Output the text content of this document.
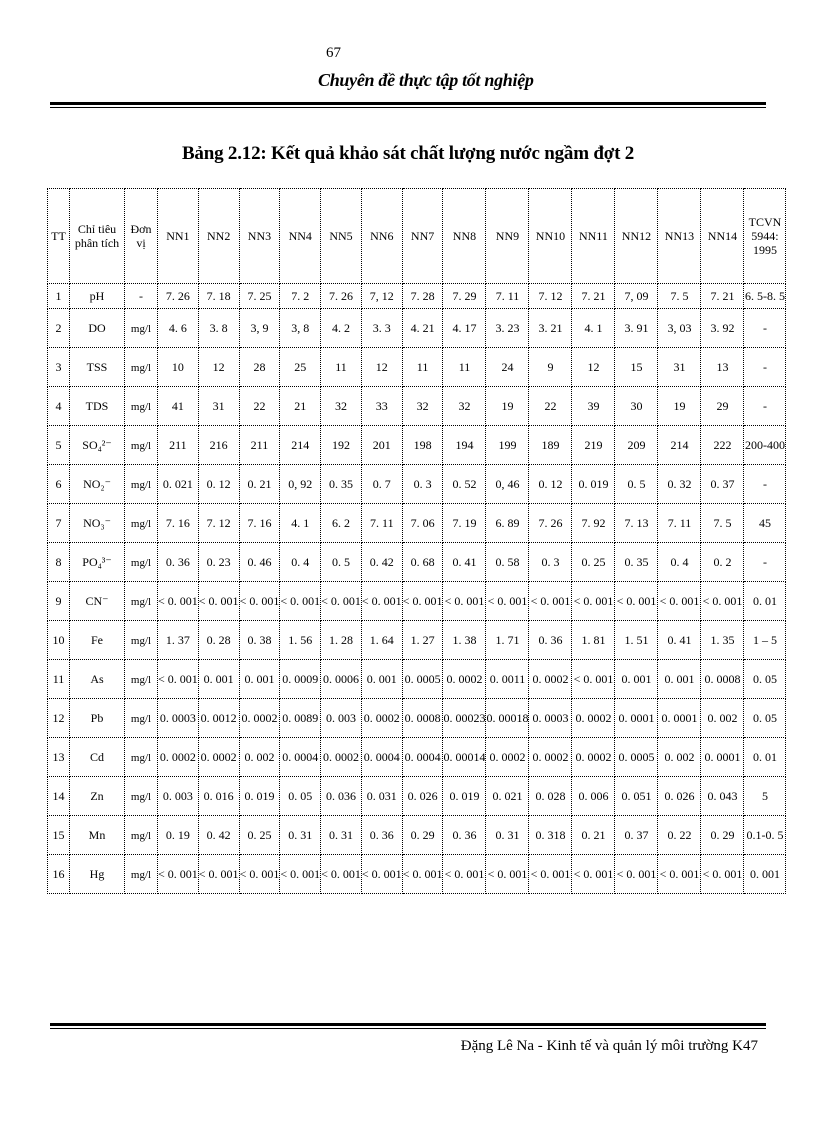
67
Chuyên đề thực tập tốt nghiệp
Bảng 2.12: Kết quả khảo sát chất lượng nước ngầm đợt 2
TT	Chỉ tiêu phân tích	Đơn vị	NN1	NN2	NN3	NN4	NN5	NN6	NN7	NN8	NN9	NN10	NN11	NN12	NN13	NN14	TCVN 5944: 1995
1	pH	-	7. 26	7. 18	7. 25	7. 2	7. 26	7, 12	7. 28	7. 29	7. 11	7. 12	7. 21	7, 09	7. 5	7. 21	6. 5-8. 5
2	DO	mg/l	4. 6	3. 8	3, 9	3, 8	4. 2	3. 3	4. 21	4. 17	3. 23	3. 21	4. 1	3. 91	3, 03	3. 92	-
3	TSS	mg/l	10	12	28	25	11	12	11	11	24	9	12	15	31	13	-
4	TDS	mg/l	41	31	22	21	32	33	32	32	19	22	39	30	19	29	-
5	SO₄²⁻	mg/l	211	216	211	214	192	201	198	194	199	189	219	209	214	222	200-400
6	NO₂⁻	mg/l	0. 021	0. 12	0. 21	0, 92	0. 35	0. 7	0. 3	0. 52	0, 46	0. 12	0. 019	0. 5	0. 32	0. 37	-
7	NO₃⁻	mg/l	7. 16	7. 12	7. 16	4. 1	6. 2	7. 11	7. 06	7. 19	6. 89	7. 26	7. 92	7. 13	7. 11	7. 5	45
8	PO₄³⁻	mg/l	0. 36	0. 23	0. 46	0. 4	0. 5	0. 42	0. 68	0. 41	0. 58	0. 3	0. 25	0. 35	0. 4	0. 2	-
9	CN⁻	mg/l	< 0. 001	< 0. 001	< 0. 001	< 0. 001	< 0. 001	< 0. 001	< 0. 001	< 0. 001	< 0. 001	< 0. 001	< 0. 001	< 0. 001	< 0. 001	< 0. 001	0. 01
10	Fe	mg/l	1. 37	0. 28	0. 38	1. 56	1. 28	1. 64	1. 27	1. 38	1. 71	0. 36	1. 81	1. 51	0. 41	1. 35	1 – 5
11	As	mg/l	< 0. 001	0. 001	0. 001	0. 0009	0. 0006	0. 001	0. 0005	0. 0002	0. 0011	0. 0002	< 0. 001	0. 001	0. 001	0. 0008	0. 05
12	Pb	mg/l	0. 0003	0. 0012	0. 0002	0. 0089	0. 003	0. 0002	0. 0008	0. 00023	0. 00018	0. 0003	0. 0002	0. 0001	0. 0001	0. 002	0. 05
13	Cd	mg/l	0. 0002	0. 0002	0. 002	0. 0004	0. 0002	0. 0004	0. 0004	0. 00014	0. 0002	0. 0002	0. 0002	0. 0005	0. 002	0. 0001	0. 01
14	Zn	mg/l	0. 003	0. 016	0. 019	0. 05	0. 036	0. 031	0. 026	0. 019	0. 021	0. 028	0. 006	0. 051	0. 026	0. 043	5
15	Mn	mg/l	0. 19	0. 42	0. 25	0. 31	0. 31	0. 36	0. 29	0. 36	0. 31	0. 318	0. 21	0. 37	0. 22	0. 29	0.1-0. 5
16	Hg	mg/l	< 0. 001	< 0. 001	< 0. 001	< 0. 001	< 0. 001	< 0. 001	< 0. 001	< 0. 001	< 0. 001	< 0. 001	< 0. 001	< 0. 001	< 0. 001	< 0. 001	0. 001
Đặng Lê Na - Kinh tế và quản lý môi trường K47
